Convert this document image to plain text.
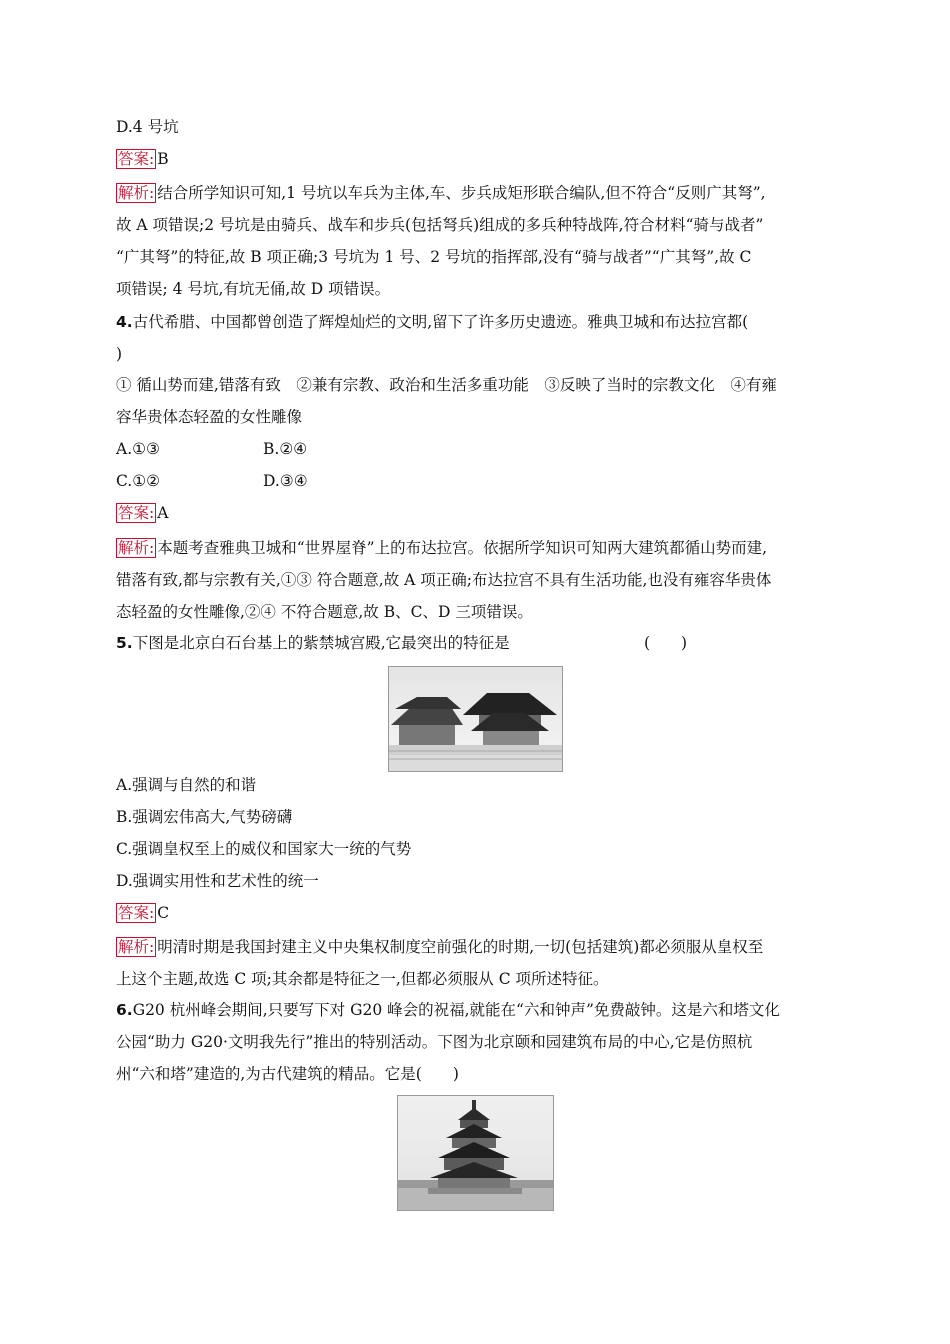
D.4 号坑
答案: B
解析: 结合所学知识可知,1 号坑以车兵为主体,车、步兵成矩形联合编队,但不符合“反则广其弩”,
故 A 项错误;2 号坑是由骑兵、战车和步兵(包括弩兵)组成的多兵种特战阵,符合材料“骑与战者”
“广其弩”的特征,故 B 项正确;3 号坑为 1 号、2 号坑的指挥部,没有“骑与战者”“广其弩”,故 C
项错误; 4 号坑,有坑无俑,故 D 项错误。
4.古代希腊、中国都曾创造了辉煌灿烂的文明,留下了许多历史遗迹。雅典卫城和布达拉宫都(
)
① 循山势而建,错落有致　②兼有宗教、政治和生活多重功能　③反映了当时的宗教文化　④有雍
容华贵体态轻盈的女性雕像
A.①③	B.②④
C.①②	D.③④
答案: A
解析: 本题考查雅典卫城和“世界屋脊”上的布达拉宫。依据所学知识可知两大建筑都循山势而建,
错落有致,都与宗教有关,①③ 符合题意,故 A 项正确;布达拉宫不具有生活功能,也没有雍容华贵体
态轻盈的女性雕像,②④ 不符合题意,故 B、C、D 三项错误。
5.下图是北京白石台基上的紫禁城宫殿,它最突出的特征是	(　　)
A.强调与自然的和谐
B.强调宏伟高大,气势磅礴
C.强调皇权至上的威仪和国家大一统的气势
D.强调实用性和艺术性的统一
答案: C
解析: 明清时期是我国封建主义中央集权制度空前强化的时期,一切(包括建筑)都必须服从皇权至
上这个主题,故选 C 项;其余都是特征之一,但都必须服从 C 项所述特征。
6.G20 杭州峰会期间,只要写下对 G20 峰会的祝福,就能在“六和钟声”免费敲钟。这是六和塔文化
公园“助力 G20·文明我先行”推出的特别活动。下图为北京颐和园建筑布局的中心,它是仿照杭
州“六和塔”建造的,为古代建筑的精品。它是(　　)
